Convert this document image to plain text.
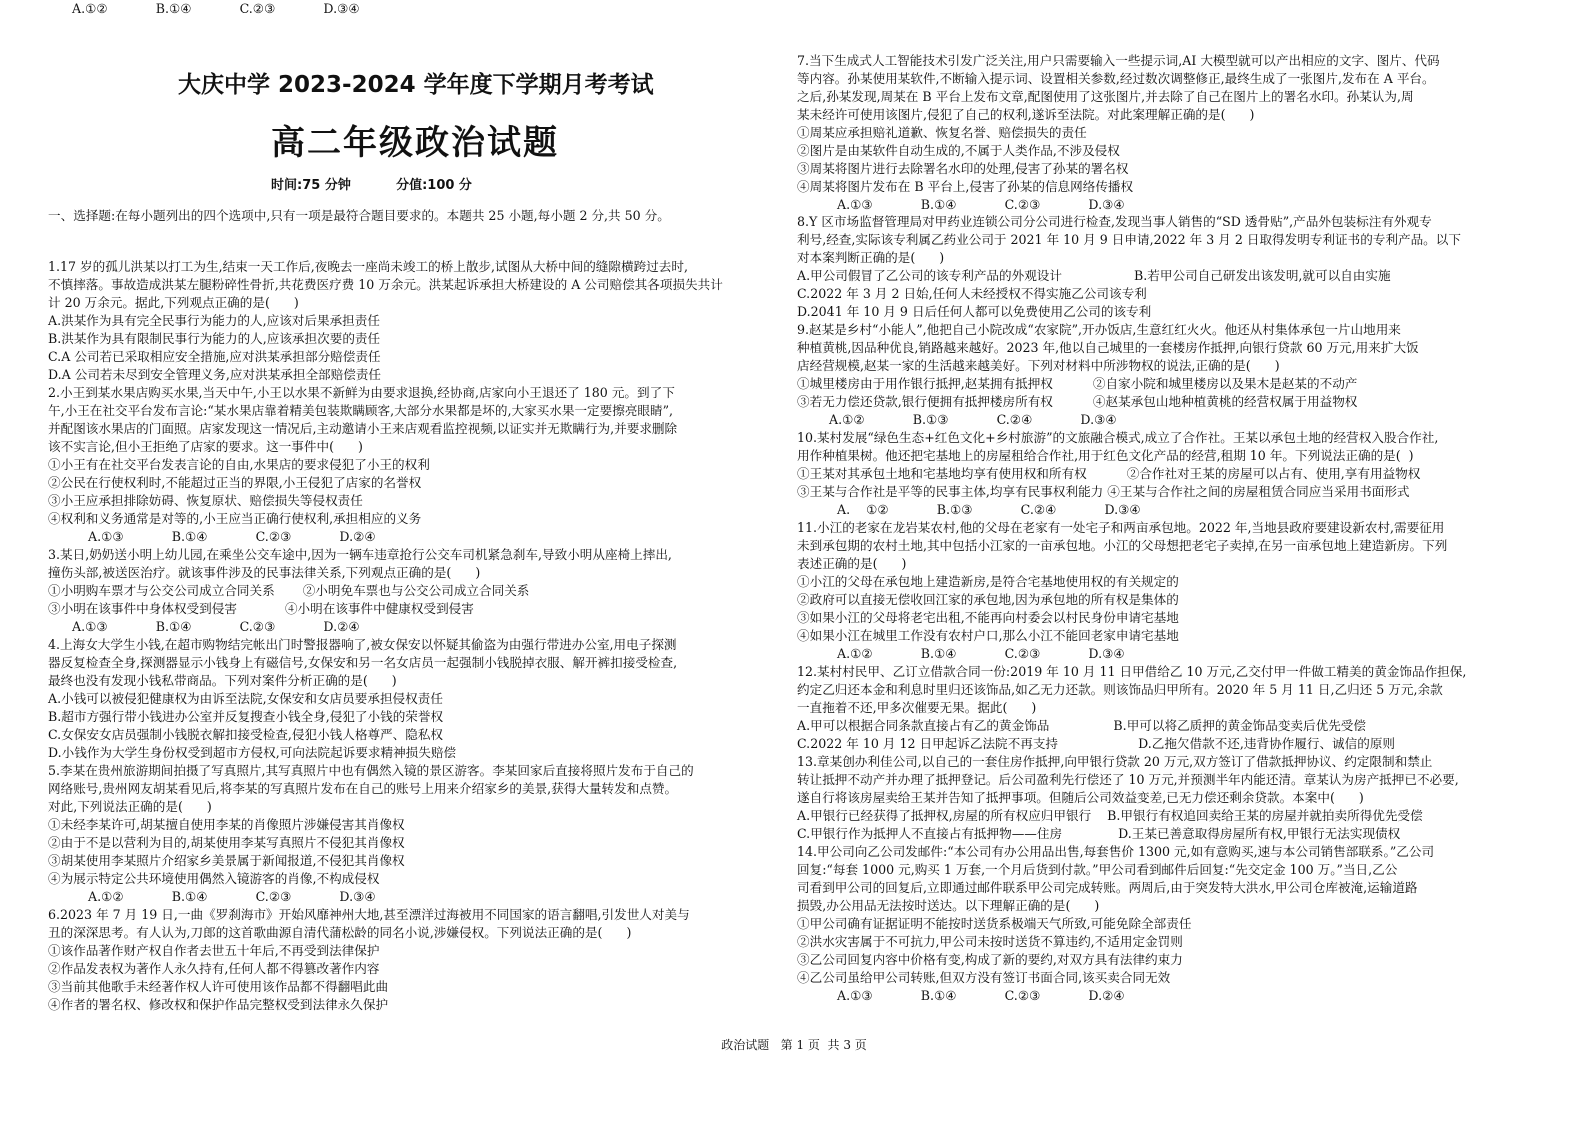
大庆中学 2023-2024 学年度下学期月考考试
高二年级政治试题
时间:75 分钟          分值:100 分
一、选择题:在每小题列出的四个选项中,只有一项是最符合题目要求的。本题共 25 小题,每小题 2 分,共 50 分。
1.17 岁的孤儿洪某以打工为生,结束一天工作后,夜晚去一座尚未竣工的桥上散步,试图从大桥中间的缝隙横跨过去时,
不慎摔落。事故造成洪某左腿粉碎性骨折,共花费医疗费 10 万余元。洪某起诉承担大桥建设的 A 公司赔偿其各项损失共计
计 20 万余元。据此,下列观点正确的是(      )
A.洪某作为具有完全民事行为能力的人,应该对后果承担责任
B.洪某作为具有限制民事行为能力的人,应该承担次要的责任
C.A 公司若已采取相应安全措施,应对洪某承担部分赔偿责任
D.A 公司若未尽到安全管理义务,应对洪某承担全部赔偿责任
2.小王到某水果店购买水果,当天中午,小王以水果不新鲜为由要求退换,经协商,店家向小王退还了 180 元。到了下
午,小王在社交平台发布言论:“某水果店靠着精美包装欺瞒顾客,大部分水果都是坏的,大家买水果一定要擦亮眼睛”,
并配图该水果店的门面照。店家发现这一情况后,主动邀请小王来店观看监控视频,以证实并无欺瞒行为,并要求删除
该不实言论,但小王拒绝了店家的要求。这一事件中(      )
①小王有在社交平台发表言论的自由,水果店的要求侵犯了小王的权利
②公民在行使权利时,不能超过正当的界限,小王侵犯了店家的名誉权
③小王应承担排除妨碍、恢复原状、赔偿损失等侵权责任
④权利和义务通常是对等的,小王应当正确行使权利,承担相应的义务
A.①③            B.①④            C.②③            D.②④
3.某日,奶奶送小明上幼儿园,在乘坐公交车途中,因为一辆车违章抢行公交车司机紧急刹车,导致小明从座椅上摔出,
撞伤头部,被送医治疗。就该事件涉及的民事法律关系,下列观点正确的是(      )
①小明购车票才与公交公司成立合同关系       ②小明免车票也与公交公司成立合同关系
③小明在该事件中身体权受到侵害            ④小明在该事件中健康权受到侵害
A.①③            B.①④            C.②③            D.②④
4.上海女大学生小钱,在超市购物结完帐出门时警报器响了,被女保安以怀疑其偷盗为由强行带进办公室,用电子探测
器反复检查全身,探测器显示小钱身上有磁信号,女保安和另一名女店员一起强制小钱脱掉衣服、解开裤扣接受检查,
最终也没有发现小钱私带商品。下列对案件分析正确的是(      )
A.小钱可以被侵犯健康权为由诉至法院,女保安和女店员要承担侵权责任
B.超市方强行带小钱进办公室并反复搜查小钱全身,侵犯了小钱的荣誉权
C.女保安女店员强制小钱脱衣解扣接受检查,侵犯小钱人格尊严、隐私权
D.小钱作为大学生身份权受到超市方侵权,可向法院起诉要求精神损失赔偿
5.李某在贵州旅游期间拍摄了写真照片,其写真照片中也有偶然入镜的景区游客。李某回家后直接将照片发布于自己的
网络账号,贵州网友胡某看见后,将李某的写真照片发布在自己的账号上用来介绍家乡的美景,获得大量转发和点赞。
对此,下列说法正确的是(      )
①未经李某许可,胡某擅自使用李某的肖像照片涉嫌侵害其肖像权
②由于不是以营利为目的,胡某使用李某写真照片不侵犯其肖像权
③胡某使用李某照片介绍家乡美景属于新闻报道,不侵犯其肖像权
④为展示特定公共环境使用偶然入镜游客的肖像,不构成侵权
A.①②            B.①④            C.②③            D.③④
6.2023 年 7 月 19 日,一曲《罗刹海市》开始风靡神州大地,甚至漂洋过海被用不同国家的语言翻唱,引发世人对美与
丑的深深思考。有人认为,刀郎的这首歌曲源自清代蒲松龄的同名小说,涉嫌侵权。下列说法正确的是(      )
①该作品著作财产权自作者去世五十年后,不再受到法律保护
②作品发表权为著作人永久持有,任何人都不得篡改著作内容
③当前其他歌手未经著作权人许可使用该作品都不得翻唱此曲
④作者的署名权、修改权和保护作品完整权受到法律永久保护
A.①②            B.①④            C.②③            D.③④
7.当下生成式人工智能技术引发广泛关注,用户只需要输入一些提示词,AI 大模型就可以产出相应的文字、图片、代码
等内容。孙某使用某软件,不断输入提示词、设置相关参数,经过数次调整修正,最终生成了一张图片,发布在 A 平台。
之后,孙某发现,周某在 B 平台上发布文章,配图使用了这张图片,并去除了自己在图片上的署名水印。孙某认为,周
某未经许可使用该图片,侵犯了自己的权利,遂诉至法院。对此案理解正确的是(      )
①周某应承担赔礼道歉、恢复名誉、赔偿损失的责任
②图片是由某软件自动生成的,不属于人类作品,不涉及侵权
③周某将图片进行去除署名水印的处理,侵害了孙某的署名权
④周某将图片发布在 B 平台上,侵害了孙某的信息网络传播权
A.①③            B.①④            C.②③            D.③④
8.Y 区市场监督管理局对甲药业连锁公司分公司进行检查,发现当事人销售的“SD 透骨贴”,产品外包装标注有外观专
利号,经查,实际该专利属乙药业公司于 2021 年 10 月 9 日申请,2022 年 3 月 2 日取得发明专利证书的专利产品。以下
对本案判断正确的是(      )
A.甲公司假冒了乙公司的该专利产品的外观设计                  B.若甲公司自己研发出该发明,就可以自由实施
C.2022 年 3 月 2 日始,任何人未经授权不得实施乙公司该专利
D.2041 年 10 月 9 日后任何人都可以免费使用乙公司的该专利
9.赵某是乡村“小能人”,他把自己小院改成“农家院”,开办饭店,生意红红火火。他还从村集体承包一片山地用来
种植黄桃,因品种优良,销路越来越好。2023 年,他以自己城里的一套楼房作抵押,向银行贷款 60 万元,用来扩大饭
店经营规模,赵某一家的生活越来越美好。下列对材料中所涉物权的说法,正确的是(      )
①城里楼房由于用作银行抵押,赵某拥有抵押权          ②自家小院和城里楼房以及果木是赵某的不动产
③若无力偿还贷款,银行便拥有抵押楼房所有权          ④赵某承包山地种植黄桃的经营权属于用益物权
A.①②            B.①③            C.②④            D.③④
10.某村发展“绿色生态+红色文化+乡村旅游”的文旅融合模式,成立了合作社。王某以承包土地的经营权入股合作社,
用作种植果树。他还把宅基地上的房屋租给合作社,用于红色文化产品的经营,租期 10 年。下列说法正确的是(  )
①王某对其承包土地和宅基地均享有使用权和所有权          ②合作社对王某的房屋可以占有、使用,享有用益物权
③王某与合作社是平等的民事主体,均享有民事权利能力 ④王某与合作社之间的房屋租赁合同应当采用书面形式
A.    ①②            B.①③            C.②④            D.③④
11.小江的老家在龙岩某农村,他的父母在老家有一处宅子和两亩承包地。2022 年,当地县政府要建设新农村,需要征用
未到承包期的农村土地,其中包括小江家的一亩承包地。小江的父母想把老宅子卖掉,在另一亩承包地上建造新房。下列
表述正确的是(      )
①小江的父母在承包地上建造新房,是符合宅基地使用权的有关规定的
②政府可以直接无偿收回江家的承包地,因为承包地的所有权是集体的
③如果小江的父母将老宅出租,不能再向村委会以村民身份申请宅基地
④如果小江在城里工作没有农村户口,那么小江不能回老家申请宅基地
A.①②            B.①④            C.②③            D.③④
12.某村村民甲、乙订立借款合同一份:2019 年 10 月 11 日甲借给乙 10 万元,乙交付甲一件做工精美的黄金饰品作担保,
约定乙归还本金和利息时里归还该饰品,如乙无力还款。则该饰品归甲所有。2020 年 5 月 11 日,乙归还 5 万元,余款
一直拖着不还,甲多次催要无果。据此(      )
A.甲可以根据合同条款直接占有乙的黄金饰品                B.甲可以将乙质押的黄金饰品变卖后优先受偿
C.2022 年 10 月 12 日甲起诉乙法院不再支持                    D.乙拖欠借款不还,违背协作履行、诚信的原则
13.章某创办利佳公司,以自己的一套住房作抵押,向甲银行贷款 20 万元,双方签订了借款抵押协议、约定限制和禁止
转让抵押不动产并办理了抵押登记。后公司盈利先行偿还了 10 万元,并预测半年内能还清。章某认为房产抵押已不必要,
遂自行将该房屋卖给王某并告知了抵押事项。但随后公司效益变差,已无力偿还剩余贷款。本案中(      )
A.甲银行已经获得了抵押权,房屋的所有权应归甲银行    B.甲银行有权追回卖给王某的房屋并就拍卖所得优先受偿
C.甲银行作为抵押人不直接占有抵押物——住房              D.王某已善意取得房屋所有权,甲银行无法实现债权
14.甲公司向乙公司发邮件:“本公司有办公用品出售,每套售价 1300 元,如有意购买,速与本公司销售部联系。”乙公司
回复:“每套 1000 元,购买 1 万套,一个月后货到付款。”甲公司看到邮件后回复:“先交定金 100 万。”当日,乙公
司看到甲公司的回复后,立即通过邮件联系甲公司完成转账。两周后,由于突发特大洪水,甲公司仓库被淹,运输道路
损毁,办公用品无法按时送达。以下理解正确的是(      )
①甲公司确有证据证明不能按时送货系极端天气所致,可能免除全部责任
②洪水灾害属于不可抗力,甲公司未按时送货不算违约,不适用定金罚则
③乙公司回复内容中价格有变,构成了新的要约,对双方具有法律约束力
④乙公司虽给甲公司转账,但双方没有签订书面合同,该买卖合同无效
A.①③            B.①④            C.②③            D.②④
政治试题   第 1 页  共 3 页
